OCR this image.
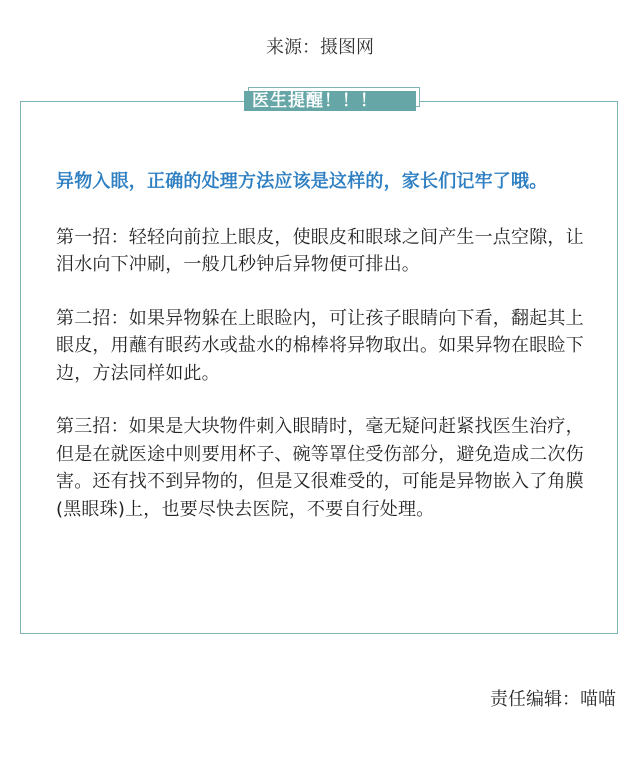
来源：摄图网
医生提醒！！！

异物入眼，正确的处理方法应该是这样的，家长们记牢了哦。

第一招：轻轻向前拉上眼皮，使眼皮和眼球之间产生一点空隙，让泪水向下冲刷，一般几秒钟后异物便可排出。

第二招：如果异物躲在上眼睑内，可让孩子眼睛向下看，翻起其上眼皮，用蘸有眼药水或盐水的棉棒将异物取出。如果异物在眼睑下边，方法同样如此。

第三招：如果是大块物件刺入眼睛时，毫无疑问赶紧找医生治疗，但是在就医途中则要用杯子、碗等罩住受伤部分，避免造成二次伤害。还有找不到异物的，但是又很难受的，可能是异物嵌入了角膜(黑眼珠)上，也要尽快去医院，不要自行处理。

责任编辑：喵喵
